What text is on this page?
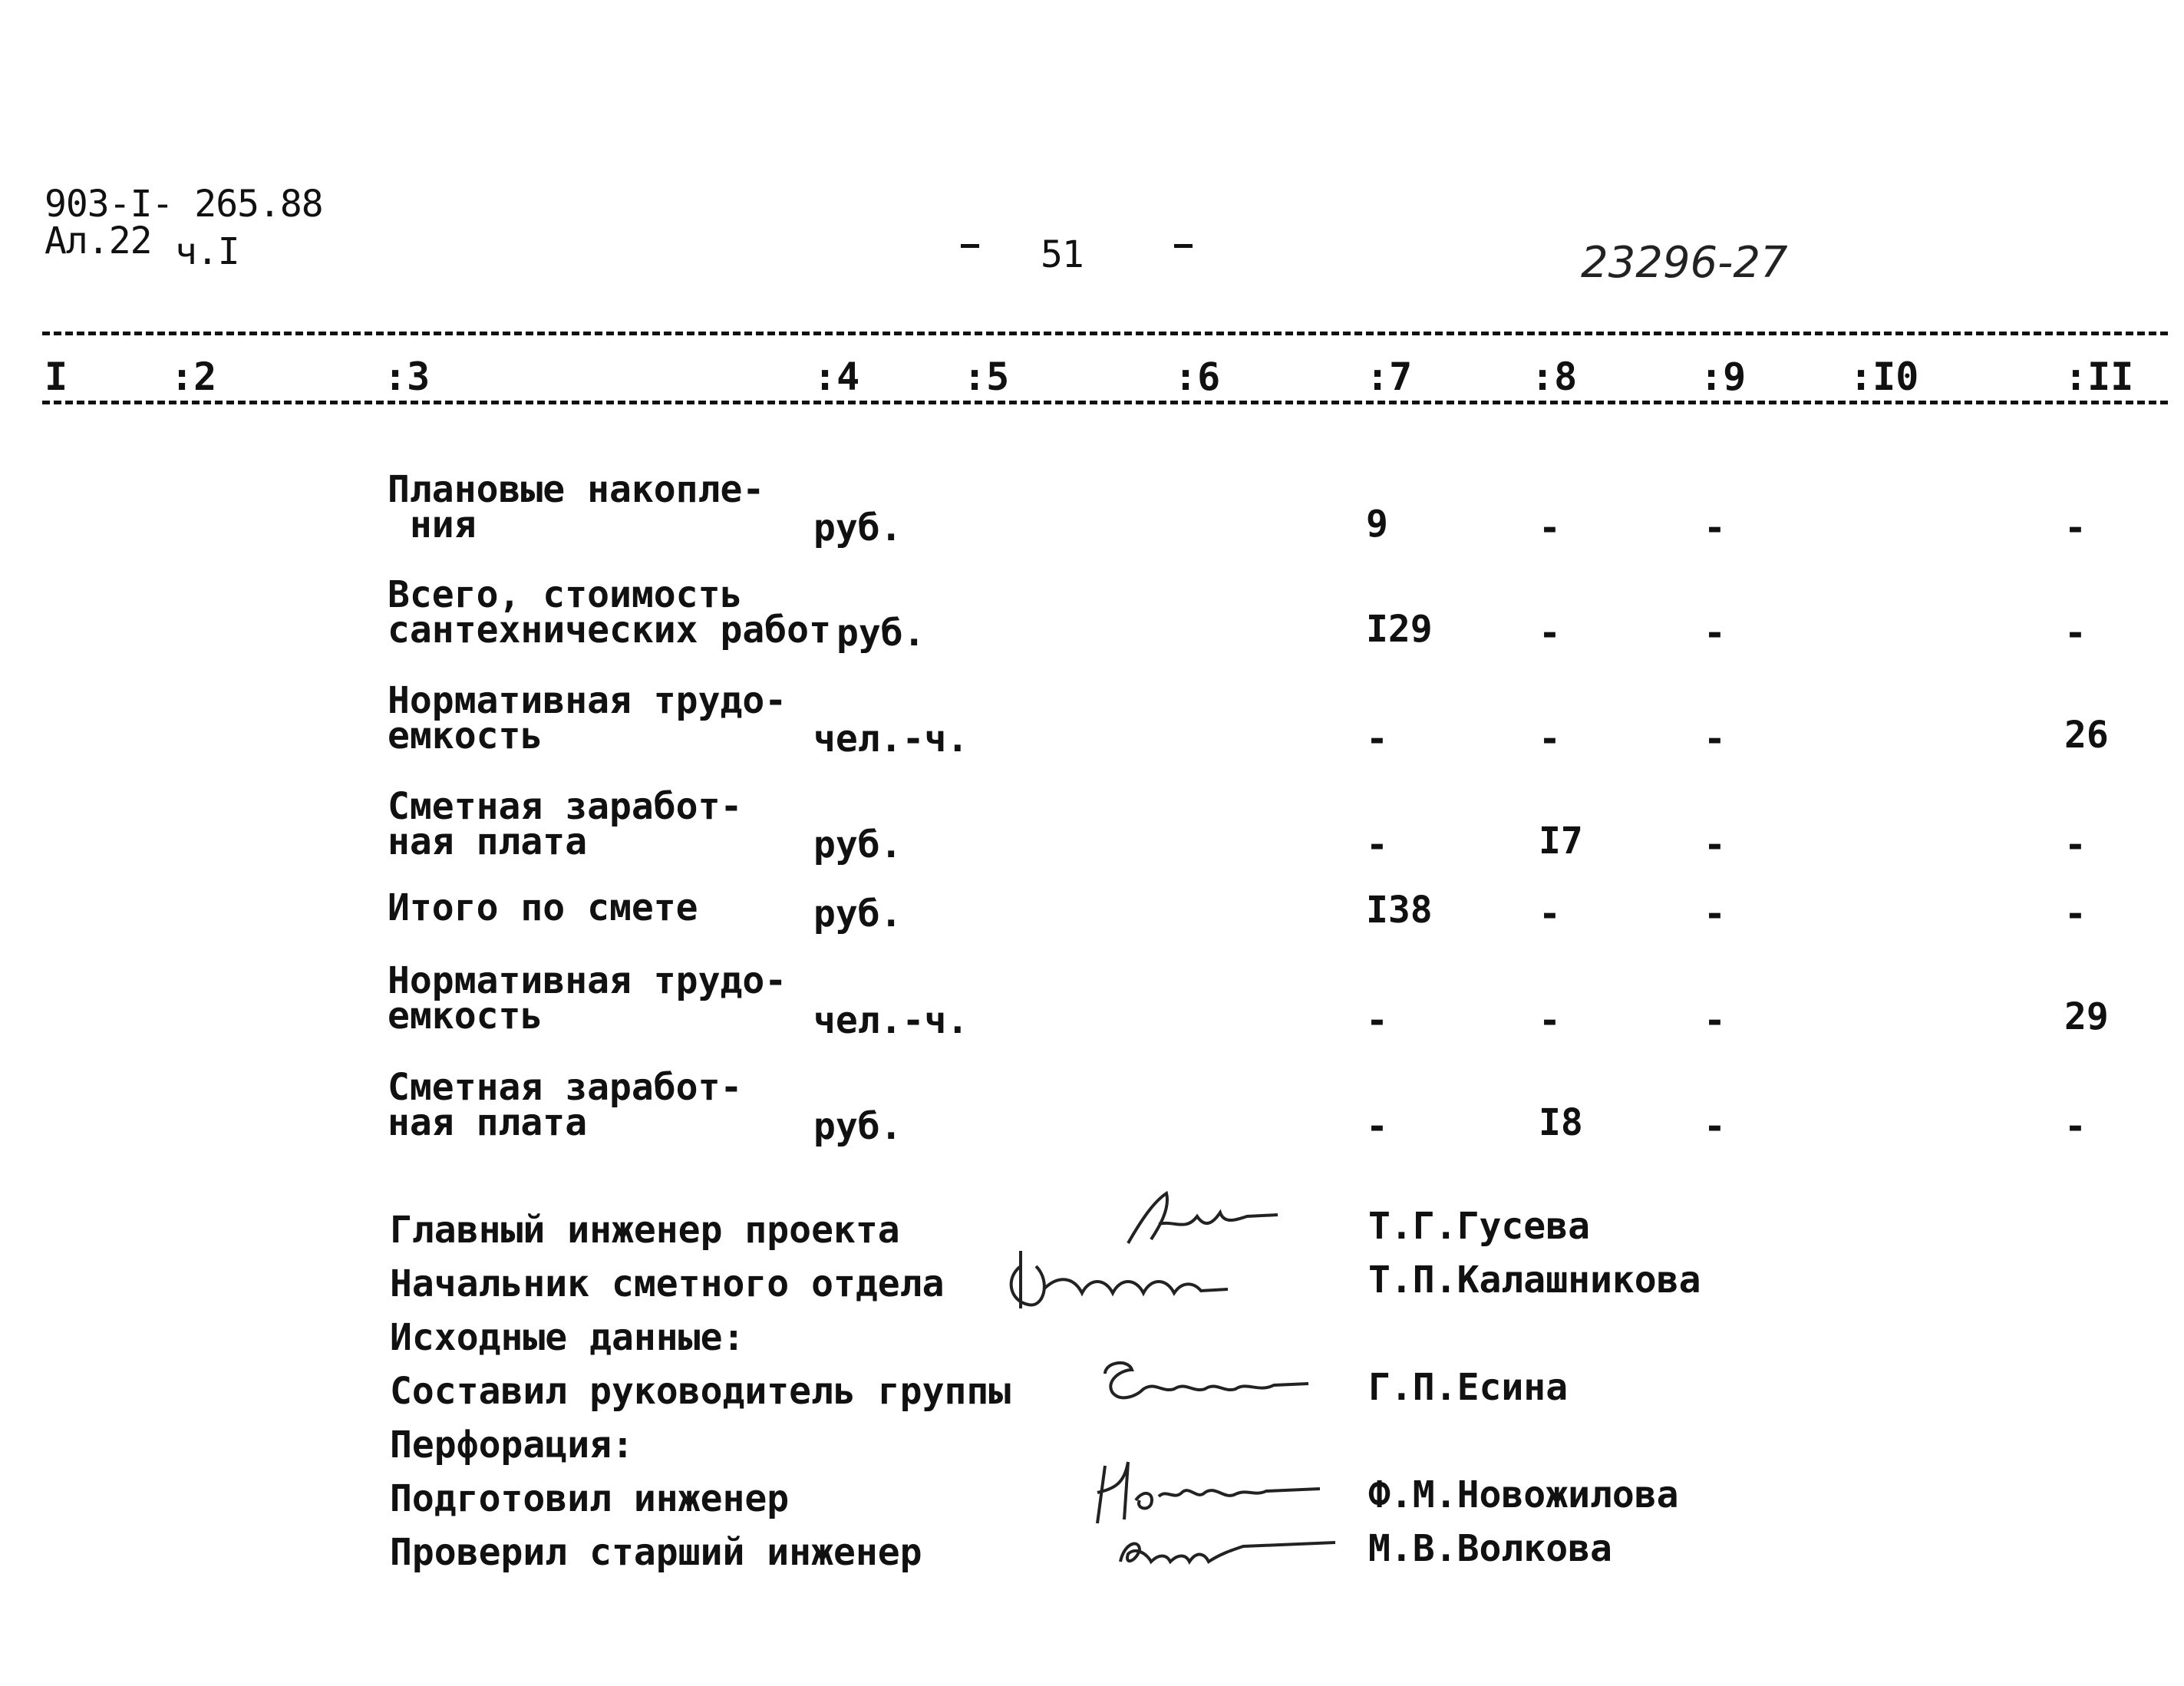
903-I- 265.88
Ал.22 ч.I	51	23296-27
I	:2	:3	:4	:5	:6	:7	:8	:9	:I0	:II
Плановые накопле-
ния	руб.	9	-	-	-
Всего, стоимость
сантехнических работ руб.	I29	-	-	-
Нормативная трудо-
емкость	чел.-ч.	-	-	-	26
Сметная заработ-
ная плата	руб.	-	I7	-	-
Итого по смете	руб.	I38	-	-	-
Нормативная трудо-
емкость	чел.-ч.	-	-	-	29
Сметная заработ-
ная плата	руб.	-	I8	-	-
Главный инженер проекта	Т.Г.Гусева
Начальник сметного отдела	Т.П.Калашникова
Исходные данные:
Составил руководитель группы	Г.П.Есина
Перфорация:
Подготовил инженер	Ф.М.Новожилова
Проверил старший инженер	М.В.Волкова
